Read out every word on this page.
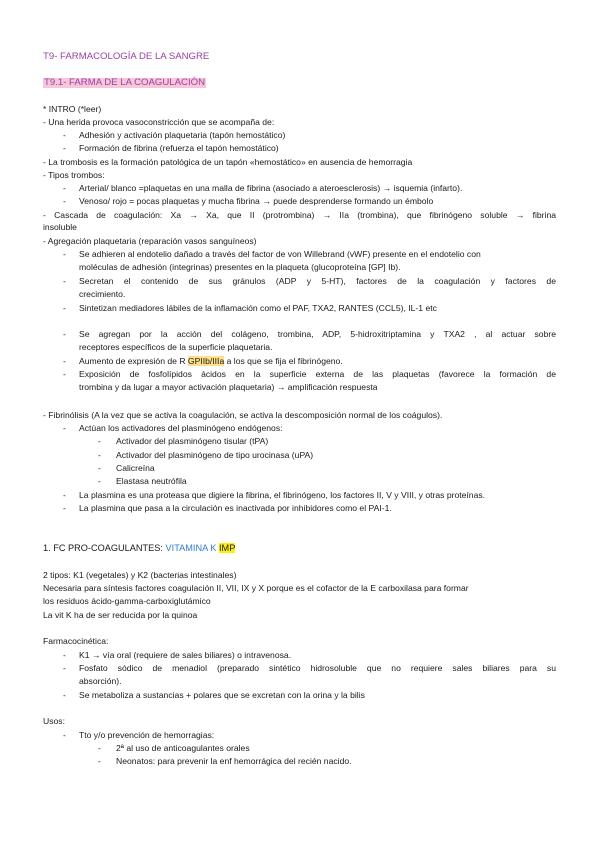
T9- FARMACOLOGÍA DE LA SANGRE
T9.1- FARMA DE LA COAGULACIÓN
* INTRO (*leer)
- Una herida provoca vasoconstricción que se acompaña de:
- Adhesión y activación plaquetaria (tapón hemostático)
- Formación de fibrina (refuerza el tapón hemostático)
- La trombosis es la formación patológica de un tapón «hemostático» en ausencia de hemorragia
- Tipos trombos:
- Arterial/ blanco =plaquetas en una malla de fibrina (asociado a ateroesclerosis) → isquemia (infarto).
- Venoso/ rojo = pocas plaquetas y mucha fibrina → puede desprenderse formando un émbolo
- Cascada de coagulación: Xa → Xa, que II (protrombina) → IIa (trombina), que fibrinógeno soluble → fibrina
insoluble
- Agregación plaquetaria (reparación vasos sanguíneos)
- Se adhieren al endotelio dañado a través del factor de von Willebrand (vWF) presente en el endotelio con
moléculas de adhesión (integrinas) presentes en la plaqueta (glucoproteína [GP] Ib).
- Secretan el contenido de sus gránulos (ADP y 5-HT), factores de la coagulación y factores de
crecimiento.
- Sintetizan mediadores lábiles de la inflamación como el PAF, TXA2, RANTES (CCL5), IL-1 etc
- Se agregan por la acción del colágeno, trombina, ADP, 5-hidroxitriptamina y TXA2 , al actuar sobre
receptores específicos de la superficie plaquetaria.
- Aumento de expresión de R GPIIb/IIIa a los que se fija el fibrinógeno.
- Exposición de fosfolípidos ácidos en la superficie externa de las plaquetas (favorece la formación de
trombina y da lugar a mayor activación plaquetaria) → amplificación respuesta
- Fibrinólisis (A la vez que se activa la coagulación, se activa la descomposición normal de los coágulos).
- Actúan los activadores del plasminógeno endógenos:
- Activador del plasminógeno tisular (tPA)
- Activador del plasminógeno de tipo urocinasa (uPA)
- Calicreína
- Elastasa neutrófila
- La plasmina es una proteasa que digiere la fibrina, el fibrinógeno, los factores II, V y VIII, y otras proteínas.
- La plasmina que pasa a la circulación es inactivada por inhibidores como el PAI-1.
1. FC PRO-COAGULANTES: VITAMINA K IMP
2 tipos: K1 (vegetales) y K2 (bacterias intestinales)
Necesaria para síntesis factores coagulación II, VII, IX y X porque es el cofactor de la E carboxilasa para formar
los residuos ácido-gamma-carboxiglutámico
La vit K ha de ser reducida por la quinoa
Farmacocinética:
- K1 → vía oral (requiere de sales biliares) o intravenosa.
- Fosfato sódico de menadiol (preparado sintético hidrosoluble que no requiere sales biliares para su
absorción).
- Se metaboliza a sustancias + polares que se excretan con la orina y la bilis
Usos:
- Tto y/o prevención de hemorragias:
- 2ª al uso de anticoagulantes orales
- Neonatos: para prevenir la enf hemorrágica del recién nacido.
